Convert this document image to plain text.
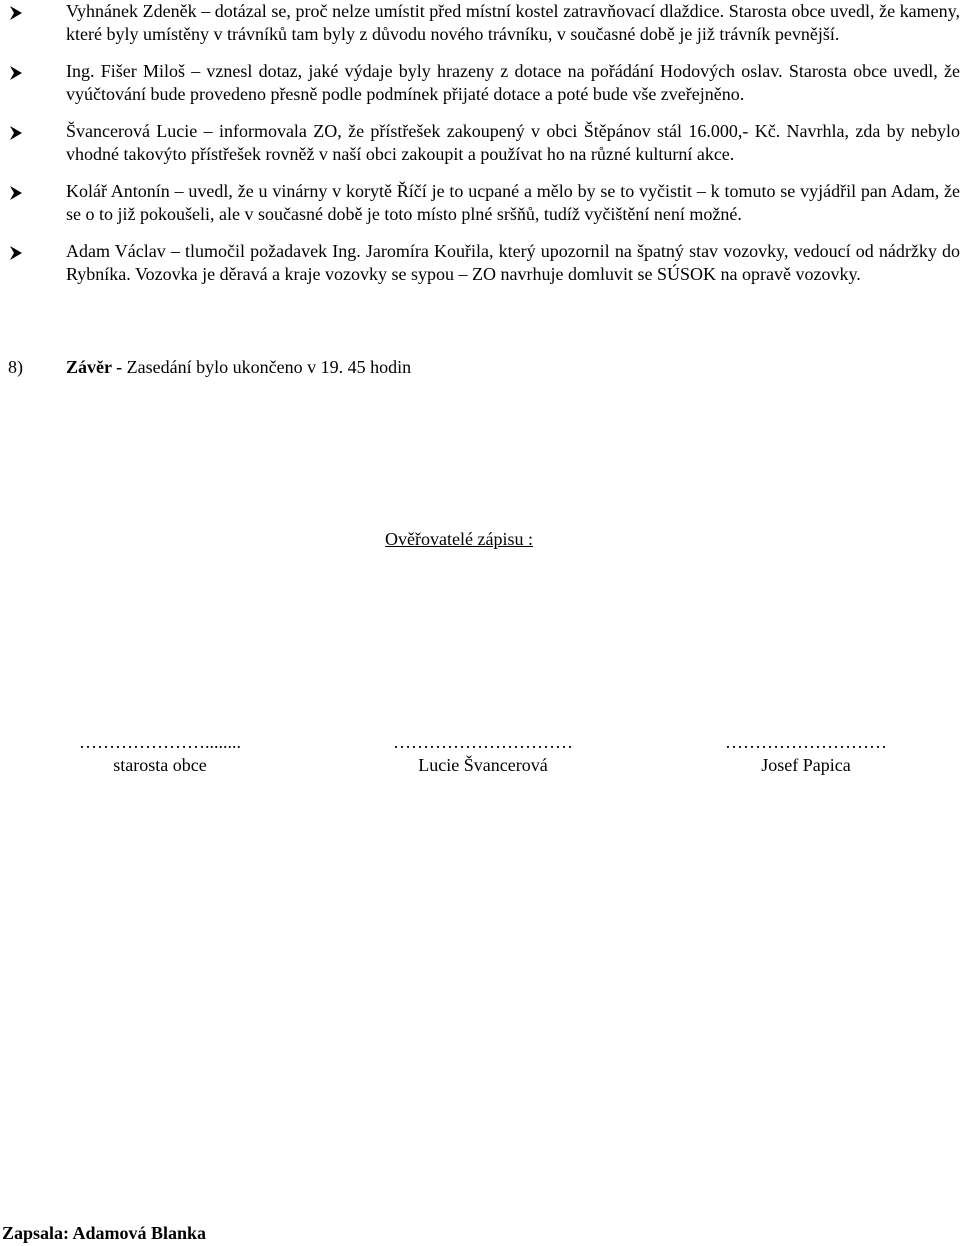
Vyhnánek Zdeněk – dotázal se, proč nelze umístit před místní kostel zatravňovací dlaždice. Starosta obce uvedl, že kameny, které byly umístěny v trávníků tam byly z důvodu nového trávníku, v současné době je již trávník pevnější.
Ing. Fišer Miloš – vznesl dotaz, jaké výdaje byly hrazeny z dotace na pořádání Hodových oslav. Starosta obce uvedl, že vyúčtování bude provedeno přesně podle podmínek přijaté dotace a poté bude vše zveřejněno.
Švancerová Lucie – informovala ZO, že přístřešek zakoupený v obci Štěpánov stál 16.000,- Kč. Navrhla, zda by nebylo vhodné takovýto přístřešek rovněž v naší obci zakoupit a používat ho na různé kulturní akce.
Kolář Antonín – uvedl, že u vinárny v korytě Říčí je to ucpané a mělo by se to vyčistit – k tomuto se vyjádřil pan Adam, že se o to již pokoušeli, ale v současné době je toto místo plné sršňů, tudíž vyčištění není možné.
Adam Václav – tlumočil požadavek Ing. Jaromíra Kouřila, který upozornil na špatný stav vozovky, vedoucí od nádržky do Rybníka. Vozovka je děravá a kraje vozovky se sypou – ZO navrhuje domluvit se SÚSOK na opravě vozovky.
8) Závěr - Zasedání bylo ukončeno v 19. 45 hodin
Ověřovatelé zápisu :
…………………........
starosta obce
…………………………
Lucie Švancerová
………………………
Josef Papica
Zapsala: Adamová Blanka
